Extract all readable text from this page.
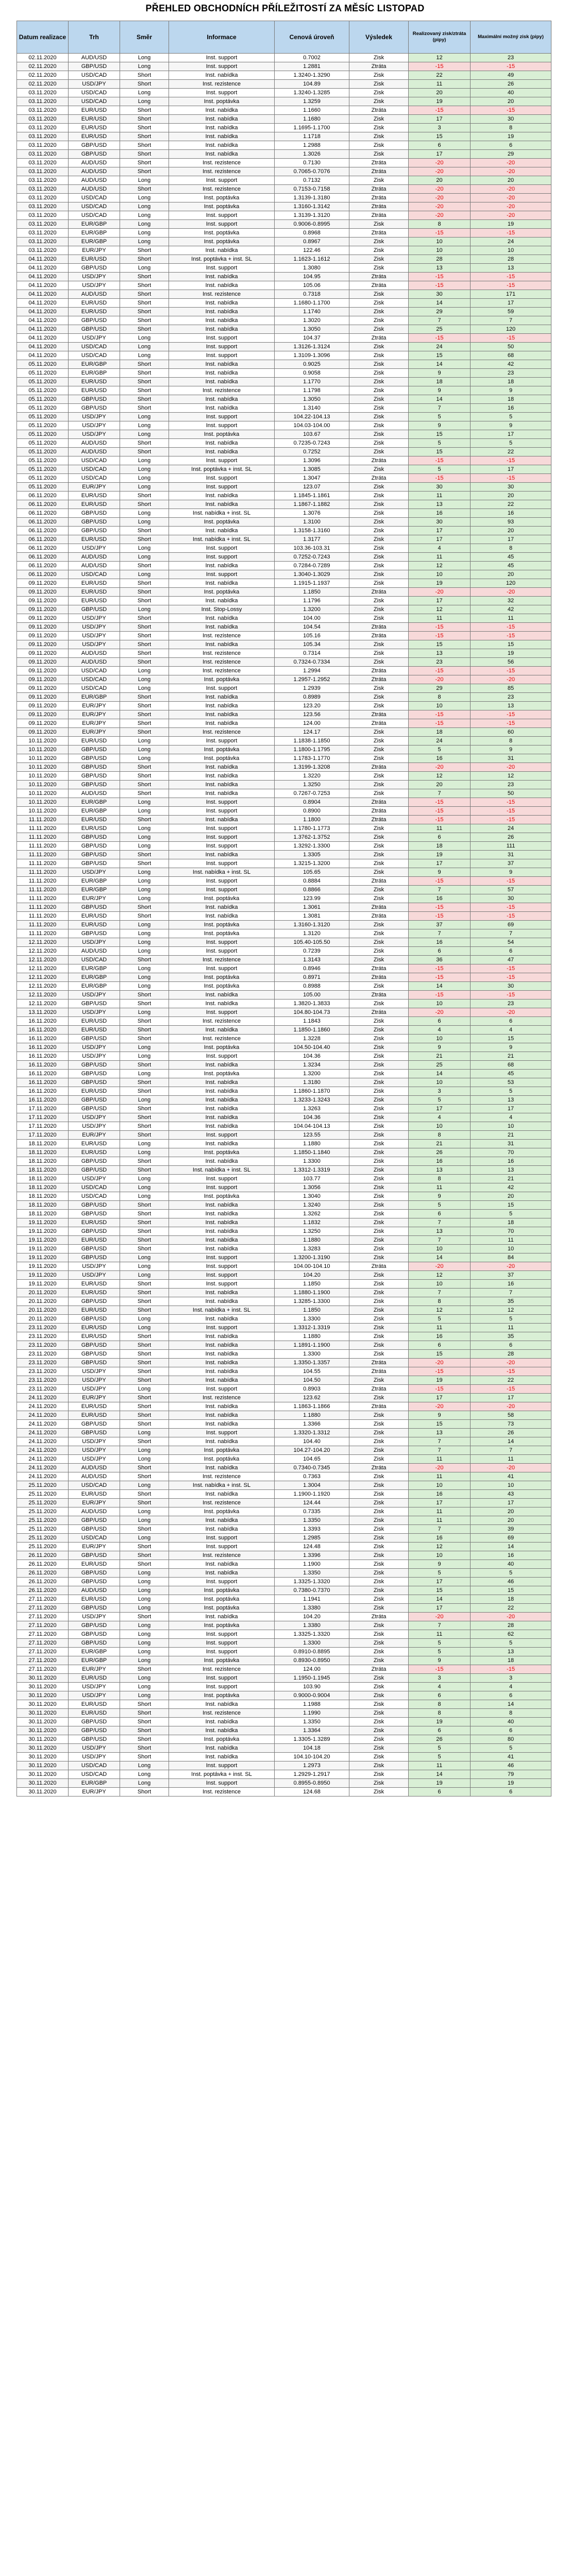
PŘEHLED OBCHODNÍCH PŘÍLEŽITOSTÍ ZA MĚSÍC LISTOPAD
Datum realizace	Trh	Směr	Informace	Cenová úroveň	Výsledek	Realizovaný zisk/ztráta (pipy)	Maximální možný zisk (pipy)
02.11.2020	AUD/USD	Long	Inst. support	0.7002	Zisk	12	23
02.11.2020	GBP/USD	Long	Inst. support	1.2881	Ztráta	-15	-15
02.11.2020	USD/CAD	Short	Inst. nabídka	1.3240-1.3290	Zisk	22	49
02.11.2020	USD/JPY	Short	Inst. rezistence	104.89	Zisk	11	26
03.11.2020	USD/CAD	Long	Inst. support	1.3240-1.3285	Zisk	20	40
03.11.2020	USD/CAD	Long	Inst. poptávka	1.3259	Zisk	19	20
03.11.2020	EUR/USD	Short	Inst. nabídka	1.1660	Ztráta	-15	-15
03.11.2020	EUR/USD	Short	Inst. nabídka	1.1680	Zisk	17	30
03.11.2020	EUR/USD	Short	Inst. nabídka	1.1695-1.1700	Zisk	3	8
03.11.2020	EUR/USD	Short	Inst. nabídka	1.1718	Zisk	15	19
03.11.2020	GBP/USD	Short	Inst. nabídka	1.2988	Zisk	6	6
03.11.2020	GBP/USD	Short	Inst. nabídka	1.3026	Zisk	17	29
03.11.2020	AUD/USD	Short	Inst. rezistence	0.7130	Ztráta	-20	-20
03.11.2020	AUD/USD	Short	Inst. rezistence	0.7065-0.7076	Ztráta	-20	-20
03.11.2020	AUD/USD	Long	Inst. support	0.7132	Zisk	20	20
03.11.2020	AUD/USD	Short	Inst. rezistence	0.7153-0.7158	Ztráta	-20	-20
03.11.2020	USD/CAD	Long	Inst. poptávka	1.3139-1.3180	Ztráta	-20	-20
03.11.2020	USD/CAD	Long	Inst. poptávka	1.3160-1.3142	Ztráta	-20	-20
03.11.2020	USD/CAD	Long	Inst. support	1.3139-1.3120	Ztráta	-20	-20
03.11.2020	EUR/GBP	Long	Inst. support	0.9006-0.8995	Zisk	8	19
03.11.2020	EUR/GBP	Long	Inst. poptávka	0.8968	Ztráta	-15	-15
03.11.2020	EUR/GBP	Long	Inst. poptávka	0.8967	Zisk	10	24
03.11.2020	EUR/JPY	Short	Inst. nabídka	122.46	Zisk	10	10
04.11.2020	EUR/USD	Short	Inst. poptávka + inst. SL	1.1623-1.1612	Zisk	28	28
04.11.2020	GBP/USD	Long	Inst. support	1.3080	Zisk	13	13
04.11.2020	USD/JPY	Short	Inst. nabídka	104.95	Ztráta	-15	-15
04.11.2020	USD/JPY	Short	Inst. nabídka	105.06	Ztráta	-15	-15
04.11.2020	AUD/USD	Short	Inst. rezistence	0.7318	Zisk	30	171
04.11.2020	EUR/USD	Short	Inst. nabídka	1.1680-1.1700	Zisk	14	17
04.11.2020	EUR/USD	Short	Inst. nabídka	1.1740	Zisk	29	59
04.11.2020	GBP/USD	Short	Inst. nabídka	1.3020	Zisk	7	7
04.11.2020	GBP/USD	Short	Inst. nabídka	1.3050	Zisk	25	120
04.11.2020	USD/JPY	Long	Inst. support	104.37	Ztráta	-15	-15
04.11.2020	USD/CAD	Long	Inst. support	1.3126-1.3124	Zisk	24	50
04.11.2020	USD/CAD	Long	Inst. support	1.3109-1.3096	Zisk	15	68
05.11.2020	EUR/GBP	Short	Inst. nabídka	0.9025	Zisk	14	42
05.11.2020	EUR/GBP	Short	Inst. nabídka	0.9058	Zisk	9	23
05.11.2020	EUR/USD	Short	Inst. nabídka	1.1770	Zisk	18	18
05.11.2020	EUR/USD	Short	Inst. rezistence	1.1798	Zisk	9	9
05.11.2020	GBP/USD	Short	Inst. nabídka	1.3050	Zisk	14	18
05.11.2020	GBP/USD	Short	Inst. nabídka	1.3140	Zisk	7	16
05.11.2020	USD/JPY	Long	Inst. support	104.22-104.13	Zisk	5	5
05.11.2020	USD/JPY	Long	Inst. support	104.03-104.00	Zisk	9	9
05.11.2020	USD/JPY	Long	Inst. poptávka	103.67	Zisk	15	17
05.11.2020	AUD/USD	Short	Inst. nabídka	0.7235-0.7243	Zisk	5	5
05.11.2020	AUD/USD	Short	Inst. nabídka	0.7252	Zisk	15	22
05.11.2020	USD/CAD	Long	Inst. support	1.3096	Ztráta	-15	-15
05.11.2020	USD/CAD	Long	Inst. poptávka + inst. SL	1.3085	Zisk	5	17
05.11.2020	USD/CAD	Long	Inst. support	1.3047	Ztráta	-15	-15
05.11.2020	EUR/JPY	Long	Inst. support	123.07	Zisk	30	30
06.11.2020	EUR/USD	Short	Inst. nabídka	1.1845-1.1861	Zisk	11	20
06.11.2020	EUR/USD	Short	Inst. nabídka	1.1867-1.1882	Zisk	13	22
06.11.2020	GBP/USD	Long	Inst. nabídka + inst. SL	1.3076	Zisk	16	16
06.11.2020	GBP/USD	Long	Inst. poptávka	1.3100	Zisk	30	93
06.11.2020	GBP/USD	Short	Inst. nabídka	1.3158-1.3160	Zisk	17	20
06.11.2020	EUR/USD	Short	Inst. nabídka + inst. SL	1.3177	Zisk	17	17
06.11.2020	USD/JPY	Long	Inst. support	103.36-103.31	Zisk	4	8
06.11.2020	AUD/USD	Long	Inst. support	0.7252-0.7243	Zisk	11	45
06.11.2020	AUD/USD	Short	Inst. nabídka	0.7284-0.7289	Zisk	12	45
06.11.2020	USD/CAD	Long	Inst. support	1.3040-1.3029	Zisk	10	20
09.11.2020	EUR/USD	Short	Inst. nabídka	1.1915-1.1937	Zisk	19	120
09.11.2020	EUR/USD	Short	Inst. poptávka	1.1850	Ztráta	-20	-20
09.11.2020	EUR/USD	Short	Inst. nabídka	1.1796	Zisk	17	32
09.11.2020	GBP/USD	Long	Inst. Stop-Lossy	1.3200	Zisk	12	42
09.11.2020	USD/JPY	Short	Inst. nabídka	104.00	Zisk	11	11
09.11.2020	USD/JPY	Short	Inst. nabídka	104.54	Ztráta	-15	-15
09.11.2020	USD/JPY	Short	Inst. rezistence	105.16	Ztráta	-15	-15
09.11.2020	USD/JPY	Short	Inst. nabídka	105.34	Zisk	15	15
09.11.2020	AUD/USD	Short	Inst. rezistence	0.7314	Zisk	13	19
09.11.2020	AUD/USD	Short	Inst. rezistence	0.7324-0.7334	Zisk	23	56
09.11.2020	USD/CAD	Long	Inst. rezistence	1.2994	Ztráta	-15	-15
09.11.2020	USD/CAD	Long	Inst. poptávka	1.2957-1.2952	Ztráta	-20	-20
09.11.2020	USD/CAD	Long	Inst. support	1.2939	Zisk	29	85
09.11.2020	EUR/GBP	Short	Inst. nabídka	0.8989	Zisk	8	23
09.11.2020	EUR/JPY	Short	Inst. nabídka	123.20	Zisk	10	13
09.11.2020	EUR/JPY	Short	Inst. nabídka	123.56	Ztráta	-15	-15
09.11.2020	EUR/JPY	Short	Inst. nabídka	124.00	Ztráta	-15	-15
09.11.2020	EUR/JPY	Short	Inst. rezistence	124.17	Zisk	18	60
10.11.2020	EUR/USD	Long	Inst. support	1.1838-1.1850	Zisk	24	8
10.11.2020	GBP/USD	Long	Inst. poptávka	1.1800-1.1795	Zisk	5	9
10.11.2020	GBP/USD	Long	Inst. poptávka	1.1783-1.1770	Zisk	16	31
10.11.2020	GBP/USD	Short	Inst. nabídka	1.3199-1.3208	Ztráta	-20	-20
10.11.2020	GBP/USD	Short	Inst. nabídka	1.3220	Zisk	12	12
10.11.2020	GBP/USD	Short	Inst. nabídka	1.3250	Zisk	20	23
10.11.2020	AUD/USD	Short	Inst. nabídka	0.7267-0.7253	Zisk	7	50
10.11.2020	EUR/GBP	Long	Inst. support	0.8904	Ztráta	-15	-15
10.11.2020	EUR/GBP	Long	Inst. support	0.8900	Ztráta	-15	-15
11.11.2020	EUR/USD	Short	Inst. nabídka	1.1800	Ztráta	-15	-15
11.11.2020	EUR/USD	Long	Inst. support	1.1780-1.1773	Zisk	11	24
11.11.2020	GBP/USD	Long	Inst. support	1.3762-1.3752	Zisk	6	26
11.11.2020	GBP/USD	Long	Inst. support	1.3292-1.3300	Zisk	18	111
11.11.2020	GBP/USD	Short	Inst. nabídka	1.3305	Zisk	19	31
11.11.2020	GBP/USD	Short	Inst. support	1.3215-1.3200	Zisk	17	37
11.11.2020	USD/JPY	Long	Inst. nabídka + inst. SL	105.65	Zisk	9	9
11.11.2020	EUR/GBP	Long	Inst. support	0.8884	Ztráta	-15	-15
11.11.2020	EUR/GBP	Long	Inst. support	0.8866	Zisk	7	57
11.11.2020	EUR/JPY	Long	Inst. poptávka	123.99	Zisk	16	30
11.11.2020	GBP/USD	Short	Inst. nabídka	1.3061	Ztráta	-15	-15
11.11.2020	EUR/USD	Short	Inst. nabídka	1.3081	Ztráta	-15	-15
11.11.2020	EUR/USD	Long	Inst. poptávka	1.3160-1.3120	Zisk	37	69
11.11.2020	GBP/USD	Long	Inst. poptávka	1.3120	Zisk	7	7
12.11.2020	USD/JPY	Long	Inst. support	105.40-105.50	Zisk	16	54
12.11.2020	AUD/USD	Long	Inst. support	0.7239	Zisk	6	6
12.11.2020	USD/CAD	Short	Inst. rezistence	1.3143	Zisk	36	47
12.11.2020	EUR/GBP	Long	Inst. support	0.8946	Ztráta	-15	-15
12.11.2020	EUR/GBP	Long	Inst. poptávka	0.8971	Ztráta	-15	-15
12.11.2020	EUR/GBP	Long	Inst. poptávka	0.8988	Zisk	14	30
12.11.2020	USD/JPY	Short	Inst. nabídka	105.00	Ztráta	-15	-15
12.11.2020	GBP/USD	Short	Inst. nabídka	1.3820-1.3833	Zisk	10	23
13.11.2020	USD/JPY	Long	Inst. support	104.80-104.73	Ztráta	-20	-20
16.11.2020	EUR/USD	Short	Inst. rezistence	1.1843	Zisk	6	6
16.11.2020	EUR/USD	Short	Inst. nabídka	1.1850-1.1860	Zisk	4	4
16.11.2020	GBP/USD	Short	Inst. rezistence	1.3228	Zisk	10	15
16.11.2020	USD/JPY	Long	Inst. poptávka	104.50-104.40	Zisk	9	9
16.11.2020	USD/JPY	Long	Inst. support	104.36	Zisk	21	21
16.11.2020	GBP/USD	Short	Inst. nabídka	1.3234	Zisk	25	68
16.11.2020	GBP/USD	Long	Inst. poptávka	1.3200	Zisk	14	45
16.11.2020	GBP/USD	Short	Inst. nabídka	1.3180	Zisk	10	53
16.11.2020	EUR/USD	Short	Inst. nabídka	1.1860-1.1870	Zisk	3	5
16.11.2020	GBP/USD	Long	Inst. nabídka	1.3233-1.3243	Zisk	5	13
17.11.2020	GBP/USD	Short	Inst. nabídka	1.3263	Zisk	17	17
17.11.2020	USD/JPY	Short	Inst. nabídka	104.36	Zisk	4	4
17.11.2020	USD/JPY	Short	Inst. nabídka	104.04-104.13	Zisk	10	10
17.11.2020	EUR/JPY	Short	Inst. support	123.55	Zisk	8	21
18.11.2020	EUR/USD	Long	Inst. nabídka	1.1880	Zisk	21	31
18.11.2020	EUR/USD	Long	Inst. poptávka	1.1850-1.1840	Zisk	26	70
18.11.2020	GBP/USD	Short	Inst. nabídka	1.3300	Zisk	16	16
18.11.2020	GBP/USD	Short	Inst. nabídka + inst. SL	1.3312-1.3319	Zisk	13	13
18.11.2020	USD/JPY	Long	Inst. support	103.77	Zisk	8	21
18.11.2020	USD/CAD	Long	Inst. support	1.3056	Zisk	11	42
18.11.2020	USD/CAD	Long	Inst. poptávka	1.3040	Zisk	9	20
18.11.2020	GBP/USD	Short	Inst. nabídka	1.3240	Zisk	5	15
18.11.2020	GBP/USD	Short	Inst. nabídka	1.3262	Zisk	6	5
19.11.2020	EUR/USD	Short	Inst. nabídka	1.1832	Zisk	7	18
19.11.2020	GBP/USD	Short	Inst. nabídka	1.3250	Zisk	13	70
19.11.2020	EUR/USD	Short	Inst. nabídka	1.1880	Zisk	7	11
19.11.2020	GBP/USD	Short	Inst. nabídka	1.3283	Zisk	10	10
19.11.2020	GBP/USD	Long	Inst. support	1.3200-1.3190	Zisk	14	84
19.11.2020	USD/JPY	Long	Inst. support	104.00-104.10	Ztráta	-20	-20
19.11.2020	USD/JPY	Long	Inst. support	104.20	Zisk	12	37
19.11.2020	EUR/USD	Short	Inst. support	1.1850	Zisk	10	16
20.11.2020	EUR/USD	Short	Inst. nabídka	1.1880-1.1900	Zisk	7	7
20.11.2020	GBP/USD	Short	Inst. nabídka	1.3285-1.3300	Zisk	8	35
20.11.2020	EUR/USD	Short	Inst. nabídka + inst. SL	1.1850	Zisk	12	12
20.11.2020	GBP/USD	Long	Inst. nabídka	1.3300	Zisk	5	5
23.11.2020	EUR/USD	Long	Inst. support	1.3312-1.3319	Zisk	11	11
23.11.2020	EUR/USD	Short	Inst. nabídka	1.1880	Zisk	16	35
23.11.2020	GBP/USD	Short	Inst. nabídka	1.1891-1.1900	Zisk	6	6
23.11.2020	GBP/USD	Short	Inst. nabídka	1.3300	Zisk	15	28
23.11.2020	GBP/USD	Short	Inst. nabídka	1.3350-1.3357	Ztráta	-20	-20
23.11.2020	USD/JPY	Short	Inst. nabídka	104.55	Ztráta	-15	-15
23.11.2020	USD/JPY	Short	Inst. nabídka	104.50	Zisk	19	22
23.11.2020	USD/JPY	Long	Inst. support	0.8903	Ztráta	-15	-15
24.11.2020	EUR/JPY	Short	Inst. rezistence	123.62	Zisk	17	17
24.11.2020	EUR/USD	Short	Inst. nabídka	1.1863-1.1866	Ztráta	-20	-20
24.11.2020	EUR/USD	Short	Inst. nabídka	1.1880	Zisk	9	58
24.11.2020	GBP/USD	Short	Inst. nabídka	1.3366	Zisk	15	73
24.11.2020	GBP/USD	Long	Inst. support	1.3320-1.3312	Zisk	13	26
24.11.2020	USD/JPY	Short	Inst. nabídka	104.40	Zisk	7	14
24.11.2020	USD/JPY	Long	Inst. poptávka	104.27-104.20	Zisk	7	7
24.11.2020	USD/JPY	Long	Inst. poptávka	104.65	Zisk	11	11
24.11.2020	AUD/USD	Short	Inst. nabídka	0.7340-0.7345	Ztráta	-20	-20
24.11.2020	AUD/USD	Short	Inst. rezistence	0.7363	Zisk	11	41
25.11.2020	USD/CAD	Long	Inst. nabídka + inst. SL	1.3004	Zisk	10	10
25.11.2020	EUR/USD	Short	Inst. nabídka	1.1900-1.1920	Zisk	16	43
25.11.2020	EUR/JPY	Short	Inst. rezistence	124.44	Zisk	17	17
25.11.2020	AUD/USD	Long	Inst. poptávka	0.7335	Zisk	11	20
25.11.2020	GBP/USD	Long	Inst. nabídka	1.3350	Zisk	11	20
25.11.2020	GBP/USD	Short	Inst. nabídka	1.3393	Zisk	7	39
25.11.2020	USD/CAD	Long	Inst. support	1.2985	Zisk	16	69
25.11.2020	EUR/JPY	Short	Inst. support	124.48	Zisk	12	14
26.11.2020	GBP/USD	Short	Inst. rezistence	1.3396	Zisk	10	16
26.11.2020	EUR/USD	Short	Inst. nabídka	1.1900	Zisk	9	40
26.11.2020	GBP/USD	Long	Inst. nabídka	1.3350	Zisk	5	5
26.11.2020	GBP/USD	Long	Inst. support	1.3325-1.3320	Zisk	17	46
26.11.2020	AUD/USD	Long	Inst. poptávka	0.7380-0.7370	Zisk	15	15
27.11.2020	EUR/USD	Long	Inst. poptávka	1.1941	Zisk	14	18
27.11.2020	GBP/USD	Long	Inst. poptávka	1.3380	Zisk	17	22
27.11.2020	USD/JPY	Short	Inst. nabídka	104.20	Ztráta	-20	-20
27.11.2020	GBP/USD	Long	Inst. poptávka	1.3380	Zisk	7	28
27.11.2020	GBP/USD	Long	Inst. support	1.3325-1.3320	Zisk	11	62
27.11.2020	GBP/USD	Long	Inst. support	1.3300	Zisk	5	5
27.11.2020	EUR/GBP	Long	Inst. support	0.8910-0.8895	Zisk	5	13
27.11.2020	EUR/GBP	Long	Inst. poptávka	0.8930-0.8950	Zisk	9	18
27.11.2020	EUR/JPY	Short	Inst. rezistence	124.00	Ztráta	-15	-15
30.11.2020	EUR/USD	Long	Inst. support	1.1950-1.1945	Zisk	3	3
30.11.2020	USD/JPY	Long	Inst. support	103.90	Zisk	4	4
30.11.2020	USD/JPY	Long	Inst. poptávka	0.9000-0.9004	Zisk	6	6
30.11.2020	EUR/USD	Short	Inst. nabídka	1.1988	Zisk	8	14
30.11.2020	EUR/USD	Short	Inst. rezistence	1.1990	Zisk	8	8
30.11.2020	GBP/USD	Short	Inst. nabídka	1.3350	Zisk	19	40
30.11.2020	GBP/USD	Short	Inst. nabídka	1.3364	Zisk	6	6
30.11.2020	GBP/USD	Short	Inst. poptávka	1.3305-1.3289	Zisk	26	80
30.11.2020	USD/JPY	Short	Inst. nabídka	104.18	Zisk	5	5
30.11.2020	USD/JPY	Short	Inst. nabídka	104.10-104.20	Zisk	5	41
30.11.2020	USD/CAD	Long	Inst. support	1.2973	Zisk	11	46
30.11.2020	USD/CAD	Long	Inst. poptávka + inst. SL	1.2929-1.2917	Zisk	14	79
30.11.2020	EUR/GBP	Long	Inst. support	0.8955-0.8950	Zisk	19	19
30.11.2020	EUR/JPY	Short	Inst. rezistence	124.68	Zisk	6	6
